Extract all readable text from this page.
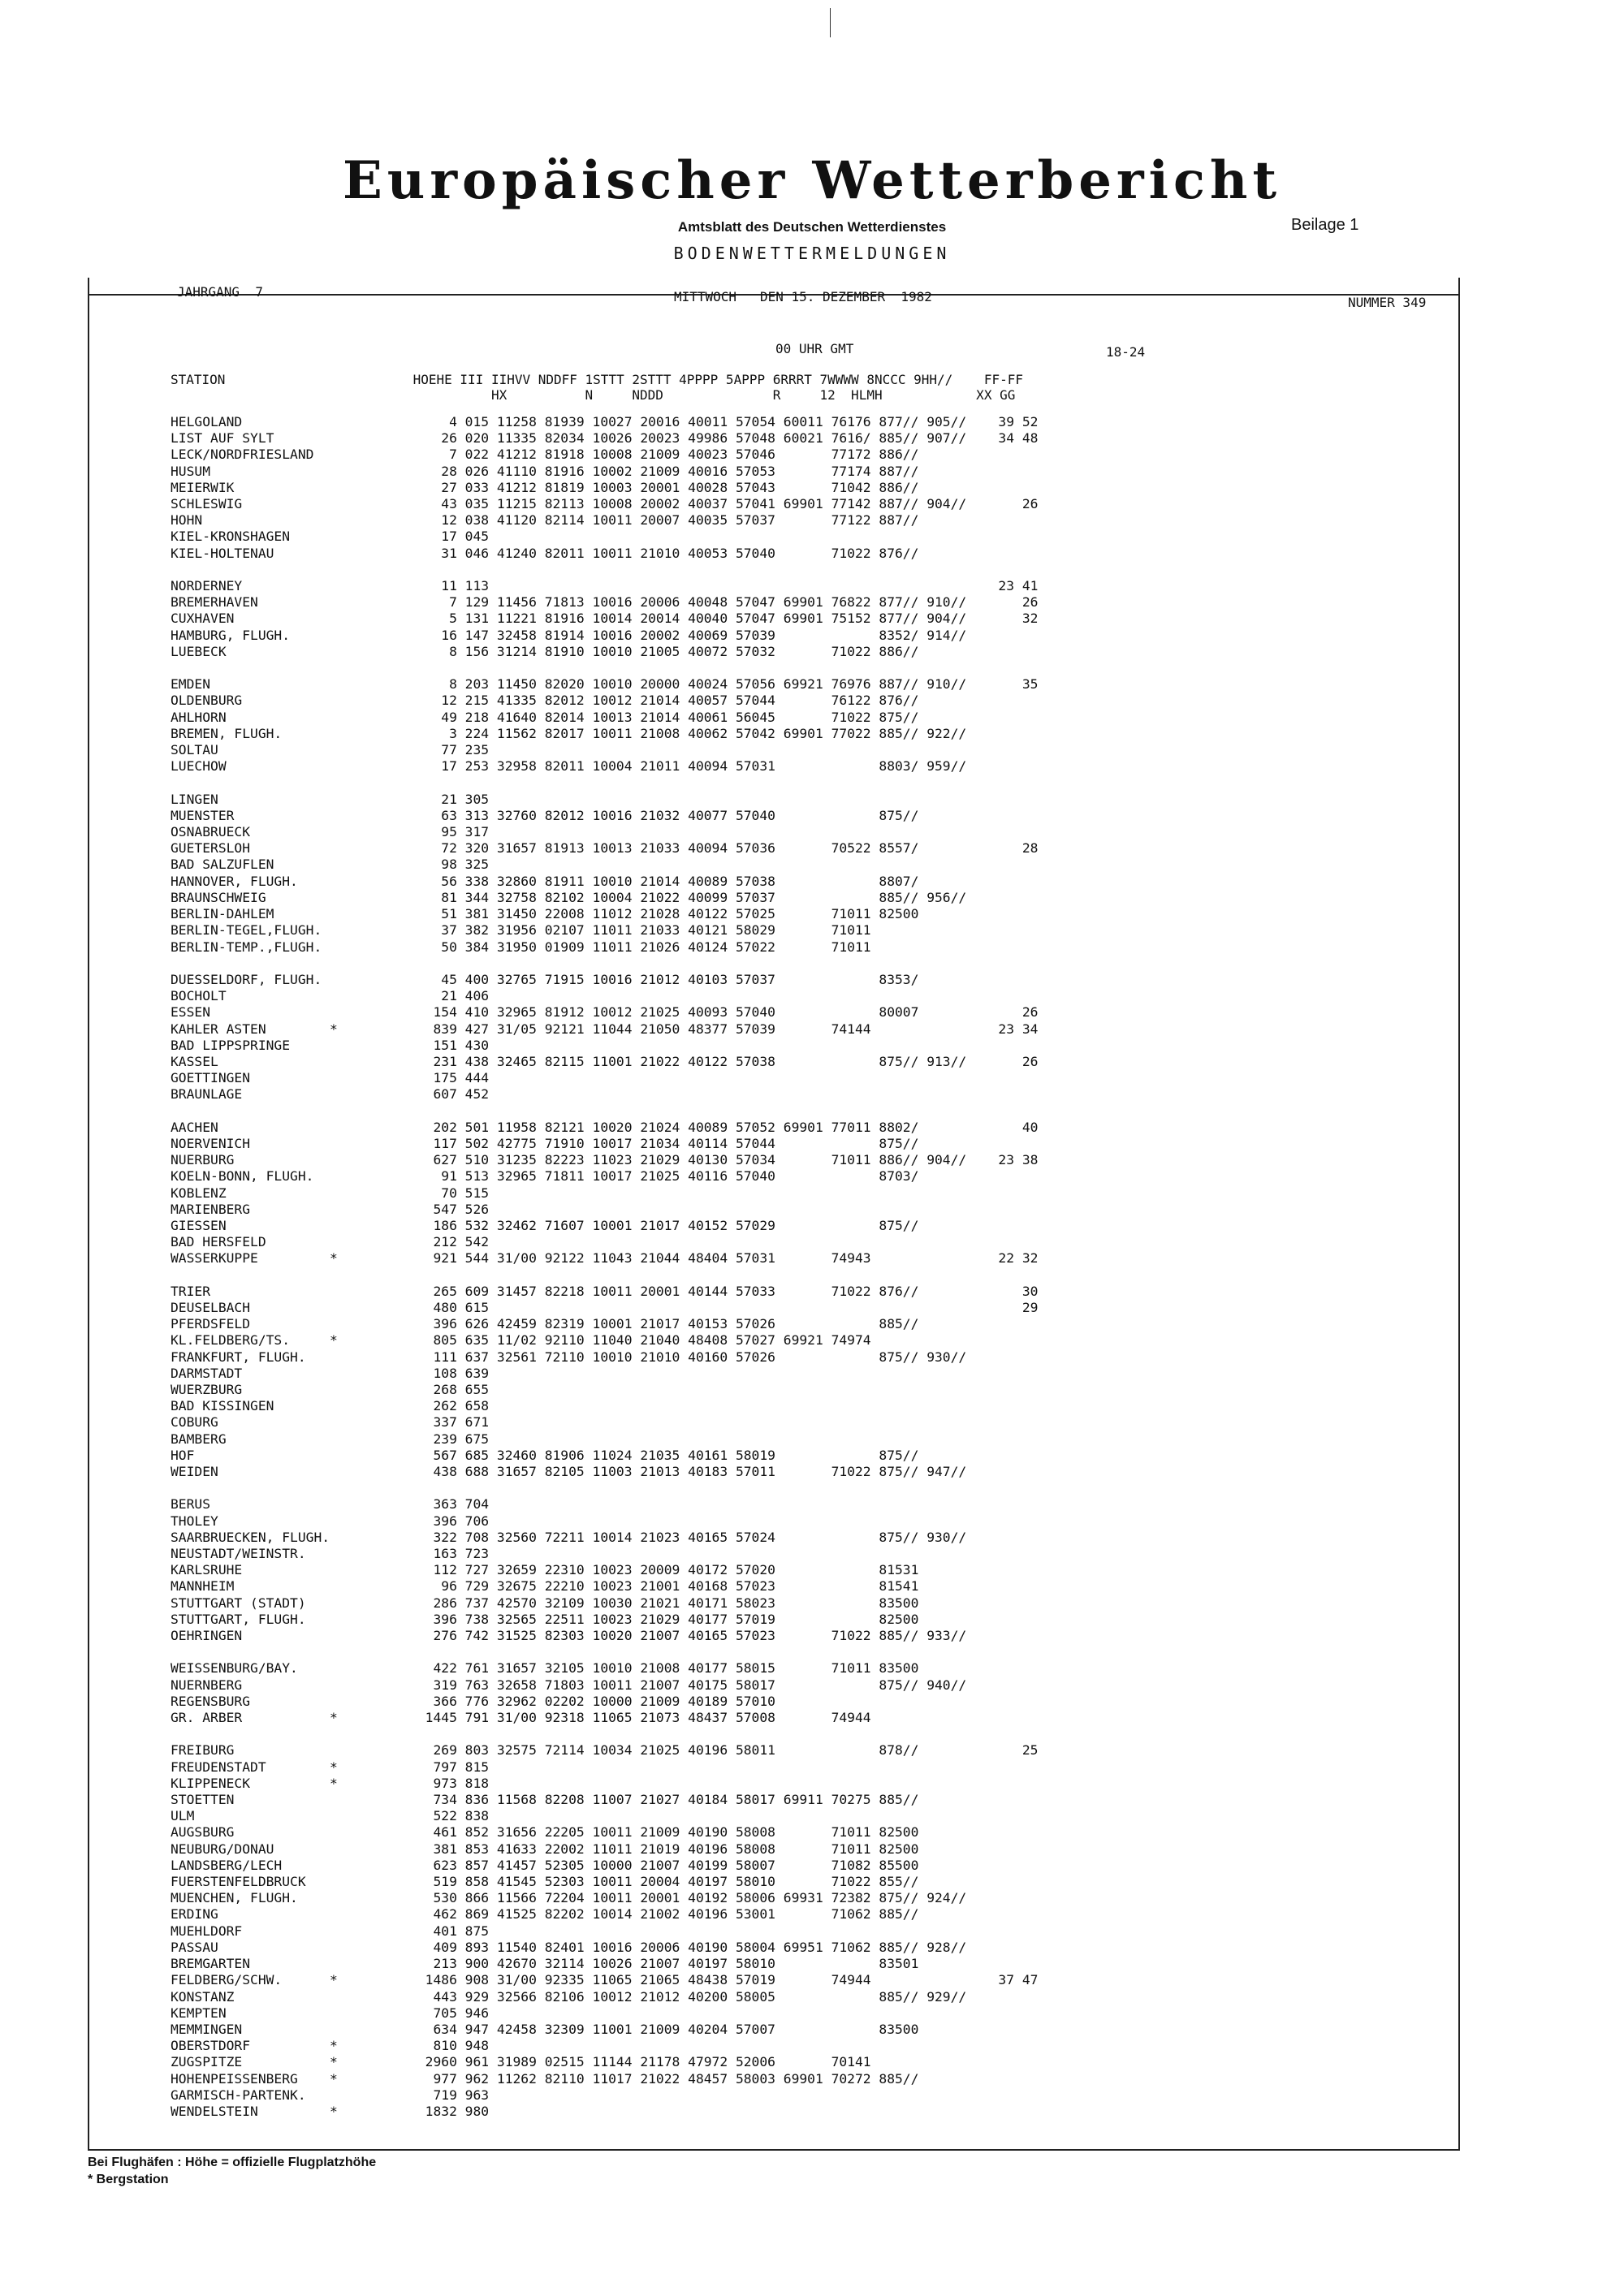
Europäischer Wetterbericht
Amtsblatt des Deutschen Wetterdienstes	Beilage 1
BODENWETTERMELDUNGEN
JAHRGANG  7	MITTWOCH   DEN 15. DEZEMBER  1982	NUMMER 349
00 UHR GMT	18-24
STATION                        HOEHE III IIHVV NDDFF 1STTT 2STTT 4PPPP 5APPP 6RRRT 7WWWW 8NCCC 9HH//    FF-FF
HX          N     NDDD              R     12  HLMH            XX GG
HELGOLAND                          4 015 11258 81939 10027 20016 40011 57054 60011 76176 877// 905//    39 52
LIST AUF SYLT                     26 020 11335 82034 10026 20023 49986 57048 60021 7616/ 885// 907//    34 48
LECK/NORDFRIESLAND                 7 022 41212 81918 10008 21009 40023 57046       77172 886//
HUSUM                             28 026 41110 81916 10002 21009 40016 57053       77174 887//
MEIERWIK                          27 033 41212 81819 10003 20001 40028 57043       71042 886//
SCHLESWIG                         43 035 11215 82113 10008 20002 40037 57041 69901 77142 887// 904//       26
HOHN                              12 038 41120 82114 10011 20007 40035 57037       77122 887//
KIEL-KRONSHAGEN                   17 045
KIEL-HOLTENAU                     31 046 41240 82011 10011 21010 40053 57040       71022 876//

NORDERNEY                         11 113                                                                23 41
BREMERHAVEN                        7 129 11456 71813 10016 20006 40048 57047 69901 76822 877// 910//       26
CUXHAVEN                           5 131 11221 81916 10014 20014 40040 57047 69901 75152 877// 904//       32
HAMBURG, FLUGH.                   16 147 32458 81914 10016 20002 40069 57039             8352/ 914//
LUEBECK                            8 156 31214 81910 10010 21005 40072 57032       71022 886//

EMDEN                              8 203 11450 82020 10010 20000 40024 57056 69921 76976 887// 910//       35
OLDENBURG                         12 215 41335 82012 10012 21014 40057 57044       76122 876//
AHLHORN                           49 218 41640 82014 10013 21014 40061 56045       71022 875//
BREMEN, FLUGH.                     3 224 11562 82017 10011 21008 40062 57042 69901 77022 885// 922//
SOLTAU                            77 235
LUECHOW                           17 253 32958 82011 10004 21011 40094 57031             8803/ 959//

LINGEN                            21 305
MUENSTER                          63 313 32760 82012 10016 21032 40077 57040             875//
OSNABRUECK                        95 317
GUETERSLOH                        72 320 31657 81913 10013 21033 40094 57036       70522 8557/             28
BAD SALZUFLEN                     98 325
HANNOVER, FLUGH.                  56 338 32860 81911 10010 21014 40089 57038             8807/
BRAUNSCHWEIG                      81 344 32758 82102 10004 21022 40099 57037             885// 956//
BERLIN-DAHLEM                     51 381 31450 22008 11012 21028 40122 57025       71011 82500
BERLIN-TEGEL,FLUGH.               37 382 31956 02107 11011 21033 40121 58029       71011
BERLIN-TEMP.,FLUGH.               50 384 31950 01909 11011 21026 40124 57022       71011

DUESSELDORF, FLUGH.               45 400 32765 71915 10016 21012 40103 57037             8353/
BOCHOLT                           21 406
ESSEN                            154 410 32965 81912 10012 21025 40093 57040             80007             26
KAHLER ASTEN        *            839 427 31/05 92121 11044 21050 48377 57039       74144                23 34
BAD LIPPSPRINGE                  151 430
KASSEL                           231 438 32465 82115 11001 21022 40122 57038             875// 913//       26
GOETTINGEN                       175 444
BRAUNLAGE                        607 452

AACHEN                           202 501 11958 82121 10020 21024 40089 57052 69901 77011 8802/             40
NOERVENICH                       117 502 42775 71910 10017 21034 40114 57044             875//
NUERBURG                         627 510 31235 82223 11023 21029 40130 57034       71011 886// 904//    23 38
KOELN-BONN, FLUGH.                91 513 32965 71811 10017 21025 40116 57040             8703/
KOBLENZ                           70 515
MARIENBERG                       547 526
GIESSEN                          186 532 32462 71607 10001 21017 40152 57029             875//
BAD HERSFELD                     212 542
WASSERKUPPE         *            921 544 31/00 92122 11043 21044 48404 57031       74943                22 32

TRIER                            265 609 31457 82218 10011 20001 40144 57033       71022 876//             30
DEUSELBACH                       480 615                                                                   29
PFERDSFELD                       396 626 42459 82319 10001 21017 40153 57026             885//
KL.FELDBERG/TS.     *            805 635 11/02 92110 11040 21040 48408 57027 69921 74974
FRANKFURT, FLUGH.                111 637 32561 72110 10010 21010 40160 57026             875// 930//
DARMSTADT                        108 639
WUERZBURG                        268 655
BAD KISSINGEN                    262 658
COBURG                           337 671
BAMBERG                          239 675
HOF                              567 685 32460 81906 11024 21035 40161 58019             875//
WEIDEN                           438 688 31657 82105 11003 21013 40183 57011       71022 875// 947//

BERUS                            363 704
THOLEY                           396 706
SAARBRUECKEN, FLUGH.             322 708 32560 72211 10014 21023 40165 57024             875// 930//
NEUSTADT/WEINSTR.                163 723
KARLSRUHE                        112 727 32659 22310 10023 20009 40172 57020             81531
MANNHEIM                          96 729 32675 22210 10023 21001 40168 57023             81541
STUTTGART (STADT)                286 737 42570 32109 10030 21021 40171 58023             83500
STUTTGART, FLUGH.                396 738 32565 22511 10023 21029 40177 57019             82500
OEHRINGEN                        276 742 31525 82303 10020 21007 40165 57023       71022 885// 933//

WEISSENBURG/BAY.                 422 761 31657 32105 10010 21008 40177 58015       71011 83500
NUERNBERG                        319 763 32658 71803 10011 21007 40175 58017             875// 940//
REGENSBURG                       366 776 32962 02202 10000 21009 40189 57010
GR. ARBER           *           1445 791 31/00 92318 11065 21073 48437 57008       74944

FREIBURG                         269 803 32575 72114 10034 21025 40196 58011             878//             25
FREUDENSTADT        *            797 815
KLIPPENECK          *            973 818
STOETTEN                         734 836 11568 82208 11007 21027 40184 58017 69911 70275 885//
ULM                              522 838
AUGSBURG                         461 852 31656 22205 10011 21009 40190 58008       71011 82500
NEUBURG/DONAU                    381 853 41633 22002 11011 21019 40196 58008       71011 82500
LANDSBERG/LECH                   623 857 41457 52305 10000 21007 40199 58007       71082 85500
FUERSTENFELDBRUCK                519 858 41545 52303 10011 20004 40197 58010       71022 855//
MUENCHEN, FLUGH.                 530 866 11566 72204 10011 20001 40192 58006 69931 72382 875// 924//
ERDING                           462 869 41525 82202 10014 21002 40196 53001       71062 885//
MUEHLDORF                        401 875
PASSAU                           409 893 11540 82401 10016 20006 40190 58004 69951 71062 885// 928//
BREMGARTEN                       213 900 42670 32114 10026 21007 40197 58010             83501
FELDBERG/SCHW.      *           1486 908 31/00 92335 11065 21065 48438 57019       74944                37 47
KONSTANZ                         443 929 32566 82106 10012 21012 40200 58005             885// 929//
KEMPTEN                          705 946
MEMMINGEN                        634 947 42458 32309 11001 21009 40204 57007             83500
OBERSTDORF          *            810 948
ZUGSPITZE           *           2960 961 31989 02515 11144 21178 47972 52006       70141
HOHENPEISSENBERG    *            977 962 11262 82110 11017 21022 48457 58003 69901 70272 885//
GARMISCH-PARTENK.                719 963
WENDELSTEIN         *           1832 980
Bei Flughäfen : Höhe = offizielle Flugplatzhöhe
* Bergstation
